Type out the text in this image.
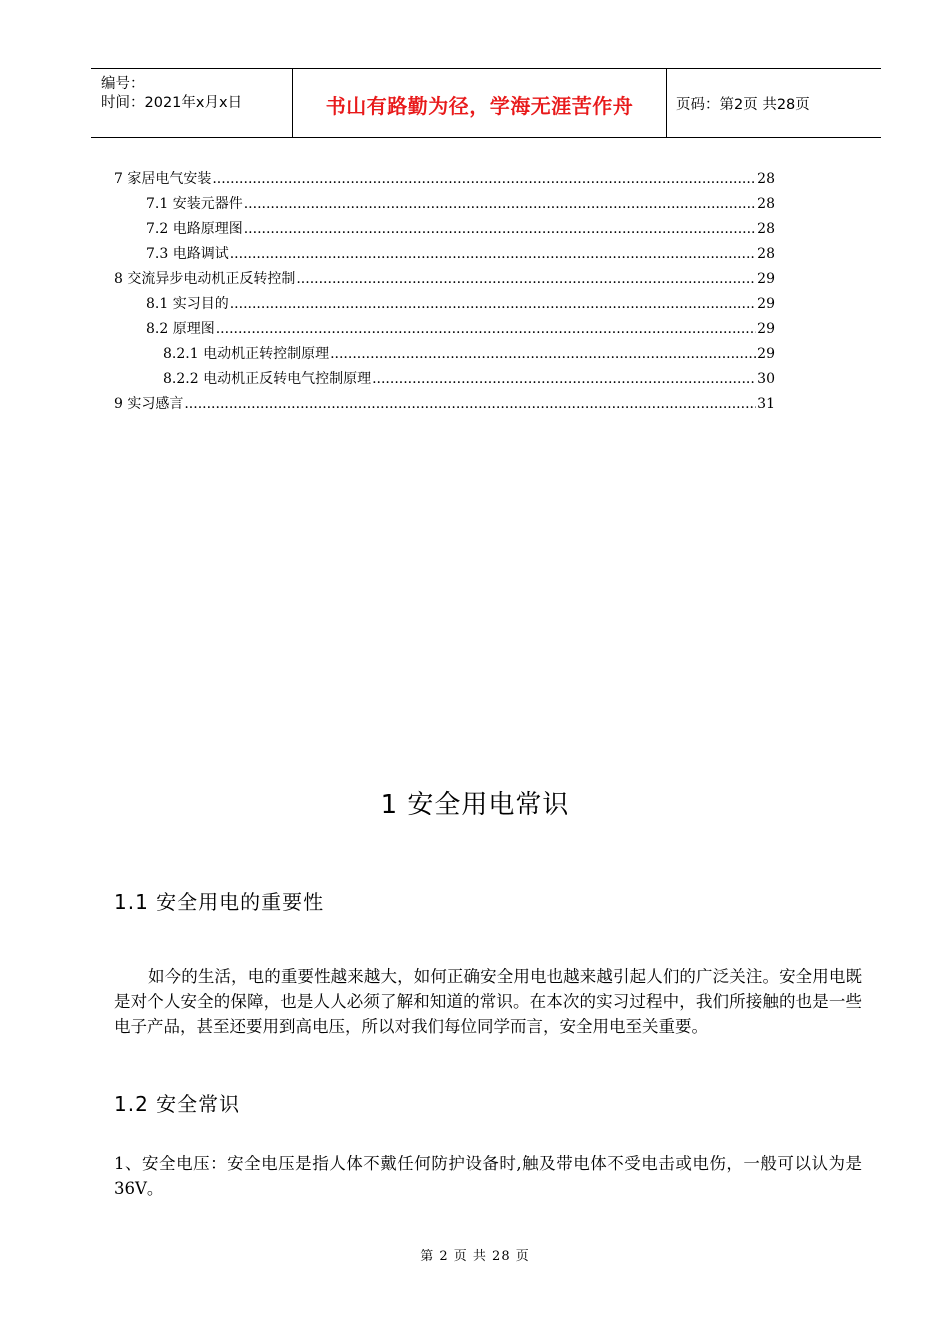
编号：
时间：2021年x月x日	书山有路勤为径，学海无涯苦作舟	页码：第2页 共28页
7 家居电气安装 .....	28
7.1 安装元器件 .....	28
7.2 电路原理图 .....	28
7.3 电路调试 .....	28
8 交流异步电动机正反转控制 .....	29
8.1 实习目的 .....	29
8.2 原理图 .....	29
8.2.1 电动机正转控制原理 .....	29
8.2.2 电动机正反转电气控制原理 .....	30
9 实习感言 .....	31
1 安全用电常识
1.1 安全用电的重要性
如今的生活，电的重要性越来越大，如何正确安全用电也越来越引起人们的广泛关注。安全用电既是对个人安全的保障，也是人人必须了解和知道的常识。在本次的实习过程中，我们所接触的也是一些电子产品，甚至还要用到高电压，所以对我们每位同学而言，安全用电至关重要。
1.2 安全常识
1、安全电压：安全电压是指人体不戴任何防护设备时,触及带电体不受电击或电伤，一般可以认为是36V。
第 2 页 共 28 页
